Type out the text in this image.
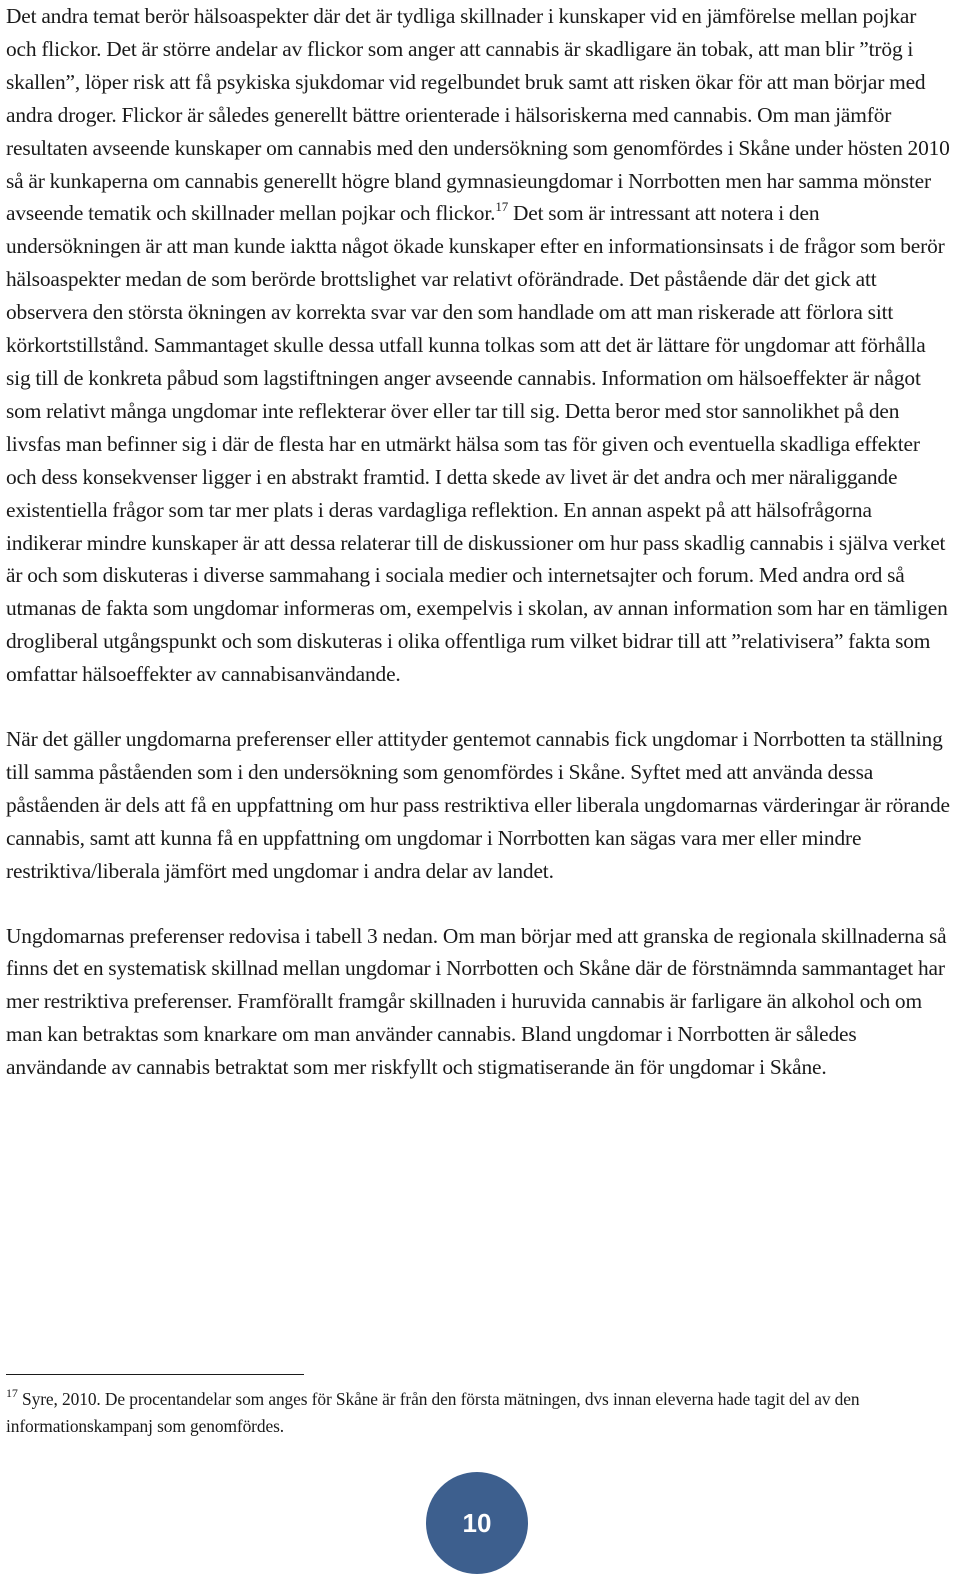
Det andra temat berör hälsoaspekter där det är tydliga skillnader i kunskaper vid en jämförelse mellan pojkar och flickor. Det är större andelar av flickor som anger att cannabis är skadligare än tobak, att man blir ”trög i skallen”, löper risk att få psykiska sjukdomar vid regelbundet bruk samt att risken ökar för att man börjar med andra droger. Flickor är således generellt bättre orienterade i hälsoriskerna med cannabis. Om man jämför resultaten avseende kunskaper om cannabis med den undersökning som genomfördes i Skåne under hösten 2010 så är kunkaperna om cannabis generellt högre bland gymnasieungdomar i Norrbotten men har samma mönster avseende tematik och skillnader mellan pojkar och flickor.$^{17}$ Det som är intressant att notera i den undersökningen är att man kunde iaktta något ökade kunskaper efter en informationsinsats i de frågor som berör hälsoaspekter medan de som berörde brottslighet var relativt oförändrade. Det påstående där det gick att observera den största ökningen av korrekta svar var den som handlade om att man riskerade att förlora sitt körkortstillstånd. Sammantaget skulle dessa utfall kunna tolkas som att det är lättare för ungdomar att förhålla sig till de konkreta påbud som lagstiftningen anger avseende cannabis. Information om hälsoeffekter är något som relativt många ungdomar inte reflekterar över eller tar till sig. Detta beror med stor sannolikhet på den livsfas man befinner sig i där de flesta har en utmärkt hälsa som tas för given och eventuella skadliga effekter och dess konsekvenser ligger i en abstrakt framtid. I detta skede av livet är det andra och mer näraliggande existentiella frågor som tar mer plats i deras vardagliga reflektion. En annan aspekt på att hälsofrågorna indikerar mindre kunskaper är att dessa relaterar till de diskussioner om hur pass skadlig cannabis i själva verket är och som diskuteras i diverse sammahang i sociala medier och internetsajter och forum. Med andra ord så utmanas de fakta som ungdomar informeras om, exempelvis i skolan, av annan information som har en tämligen drogliberal utgångspunkt och som diskuteras i olika offentliga rum vilket bidrar till att ”relativisera” fakta som omfattar hälsoeffekter av cannabisanvändande.

När det gäller ungdomarna preferenser eller attityder gentemot cannabis fick ungdomar i Norrbotten ta ställning till samma påståenden som i den undersökning som genomfördes i Skåne. Syftet med att använda dessa påståenden är dels att få en uppfattning om hur pass restriktiva eller liberala ungdomarnas värderingar är rörande cannabis, samt att kunna få en uppfattning om ungdomar i Norrbotten kan sägas vara mer eller mindre restriktiva/liberala jämfört med ungdomar i andra delar av landet.

Ungdomarnas preferenser redovisa i tabell 3 nedan. Om man börjar med att granska de regionala skillnaderna så finns det en systematisk skillnad mellan ungdomar i Norrbotten och Skåne där de förstnämnda sammantaget har mer restriktiva preferenser. Framförallt framgår skillnaden i huruvida cannabis är farligare än alkohol och om man kan betraktas som knarkare om man använder cannabis. Bland ungdomar i Norrbotten är således användande av cannabis betraktat som mer riskfyllt och stigmatiserande än för ungdomar i Skåne.

$^{17}$ Syre, 2010. De procentandelar som anges för Skåne är från den första mätningen, dvs innan eleverna hade tagit del av den informationskampanj som genomfördes.

10
